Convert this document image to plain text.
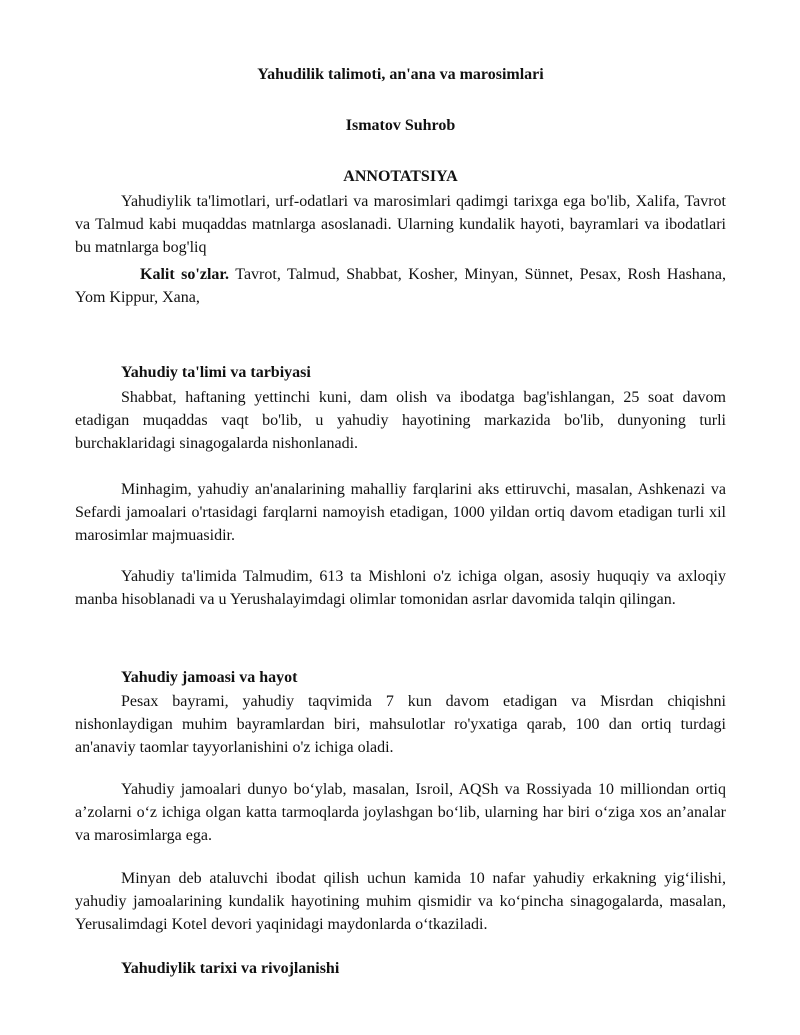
Yahudilik talimoti, an'ana va marosimlari

Ismatov Suhrob

ANNOTATSIYA

Yahudiylik ta'limotlari, urf-odatlari va marosimlari qadimgi tarixga ega bo'lib, Xalifa, Tavrot va Talmud kabi muqaddas matnlarga asoslanadi. Ularning kundalik hayoti, bayramlari va ibodatlari bu matnlarga bog'liq

Kalit so'zlar. Tavrot, Talmud, Shabbat, Kosher, Minyan, Sünnet, Pesax, Rosh Hashana, Yom Kippur, Xana,

Yahudiy ta'limi va tarbiyasi

Shabbat, haftaning yettinchi kuni, dam olish va ibodatga bag'ishlangan, 25 soat davom etadigan muqaddas vaqt bo'lib, u yahudiy hayotining markazida bo'lib, dunyoning turli burchaklaridagi sinagogalarda nishonlanadi.

Minhagim, yahudiy an'analarining mahalliy farqlarini aks ettiruvchi, masalan, Ashkenazi va Sefardi jamoalari o'rtasidagi farqlarni namoyish etadigan, 1000 yildan ortiq davom etadigan turli xil marosimlar majmuasidir.

Yahudiy ta'limida Talmudim, 613 ta Mishloni o'z ichiga olgan, asosiy huquqiy va axloqiy manba hisoblanadi va u Yerushalayimdagi olimlar tomonidan asrlar davomida talqin qilingan.

Yahudiy jamoasi va hayot

Pesax bayrami, yahudiy taqvimida 7 kun davom etadigan va Misrdan chiqishni nishonlaydigan muhim bayramlardan biri, mahsulotlar ro'yxatiga qarab, 100 dan ortiq turdagi an'anaviy taomlar tayyorlanishini o'z ichiga oladi.

Yahudiy jamoalari dunyo bo‘ylab, masalan, Isroil, AQSh va Rossiyada 10 milliondan ortiq a’zolarni o‘z ichiga olgan katta tarmoqlarda joylashgan bo‘lib, ularning har biri o‘ziga xos an’analar va marosimlarga ega.

Minyan deb ataluvchi ibodat qilish uchun kamida 10 nafar yahudiy erkakning yig‘ilishi, yahudiy jamoalarining kundalik hayotining muhim qismidir va ko‘pincha sinagogalarda, masalan, Yerusalimdagi Kotel devori yaqinidagi maydonlarda o‘tkaziladi.

Yahudiylik tarixi va rivojlanishi
